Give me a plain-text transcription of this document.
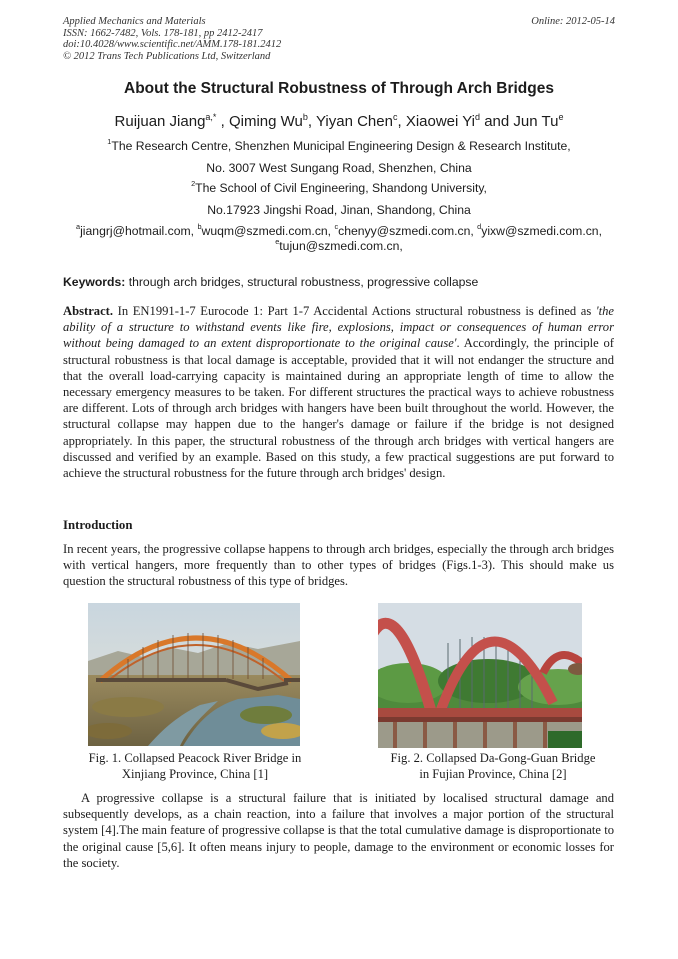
Applied Mechanics and Materials
ISSN: 1662-7482, Vols. 178-181, pp 2412-2417
doi:10.4028/www.scientific.net/AMM.178-181.2412
© 2012 Trans Tech Publications Ltd, Switzerland
Online: 2012-05-14
About the Structural Robustness of Through Arch Bridges
Ruijuan Jiang$^{a,*}$ , Qiming Wu$^b$, Yiyan Chen$^c$, Xiaowei Yi$^d$ and Jun Tu$^e$
$^1$The Research Centre, Shenzhen Municipal Engineering Design & Research Institute,
No. 3007 West Sungang Road, Shenzhen, China
$^2$The School of Civil Engineering, Shandong University,
No.17923 Jingshi Road, Jinan, Shandong, China
$^a$jiangrj@hotmail.com, $^b$wuqm@szmedi.com.cn, $^c$chenyy@szmedi.com.cn, $^d$yixw@szmedi.com.cn,
$^e$tujun@szmedi.com.cn,
Keywords: through arch bridges, structural robustness, progressive collapse
Abstract. In EN1991-1-7 Eurocode 1: Part 1-7 Accidental Actions structural robustness is defined as 'the ability of a structure to withstand events like fire, explosions, impact or consequences of human error without being damaged to an extent disproportionate to the original cause'. Accordingly, the principle of structural robustness is that local damage is acceptable, provided that it will not endanger the structure and that the overall load-carrying capacity is maintained during an appropriate length of time to allow the necessary emergency measures to be taken. For different structures the practical ways to achieve robustness are different. Lots of through arch bridges with hangers have been built throughout the world. However, the structural collapse may happen due to the hanger's damage or failure if the bridge is not designed appropriately. In this paper, the structural robustness of the through arch bridges with vertical hangers are discussed and verified by an example. Based on this study, a few practical suggestions are put forward to achieve the structural robustness for the future through arch bridges' design.
Introduction
In recent years, the progressive collapse happens to through arch bridges, especially the through arch bridges with vertical hangers, more frequently than to other types of bridges (Figs.1-3). This should make us question the structural robustness of this type of bridges.
Fig. 1. Collapsed Peacock River Bridge in
Xinjiang Province, China [1]
Fig. 2. Collapsed Da-Gong-Guan Bridge
in Fujian Province, China [2]
A progressive collapse is a structural failure that is initiated by localised structural damage and subsequently develops, as a chain reaction, into a failure that involves a major portion of the structural system [4].The main feature of progressive collapse is that the total cumulative damage is disproportionate to the original cause [5,6]. It often means injury to people, damage to the environment or economic losses for the society.
